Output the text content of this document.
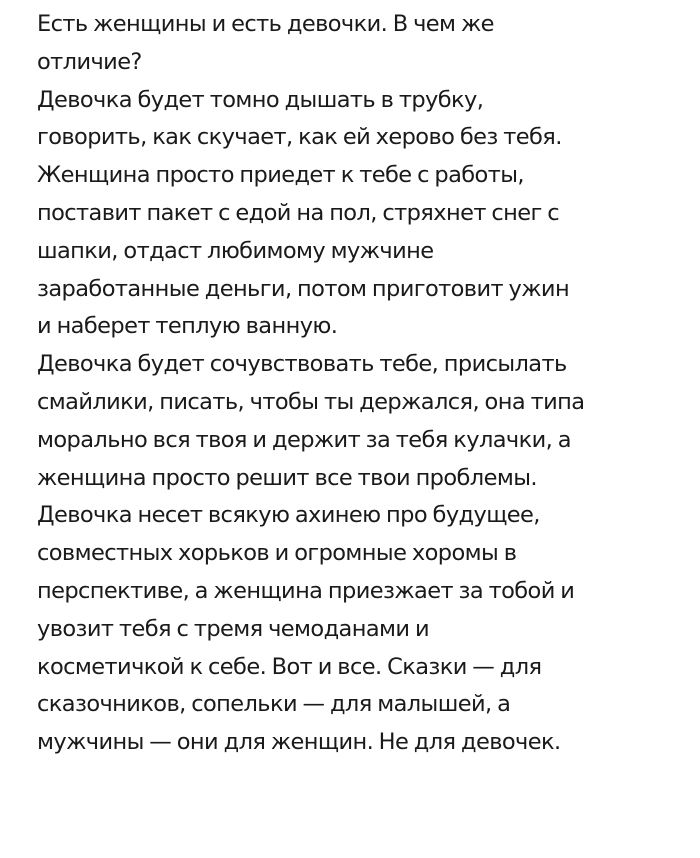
Есть женщины и есть девочки. В чем же
отличие?
Девочка будет томно дышать в трубку,
говорить, как скучает, как ей херово без тебя.
Женщина просто приедет к тебе с работы,
поставит пакет с едой на пол, стряхнет снег с
шапки, отдаст любимому мужчине
заработанные деньги, потом приготовит ужин
и наберет теплую ванную.
Девочка будет сочувствовать тебе, присылать
смайлики, писать, чтобы ты держался, она типа
морально вся твоя и держит за тебя кулачки, а
женщина просто решит все твои проблемы.
Девочка несет всякую ахинею про будущее,
совместных хорьков и огромные хоромы в
перспективе, а женщина приезжает за тобой и
увозит тебя с тремя чемоданами и
косметичкой к себе. Вот и все. Сказки — для
сказочников, сопельки — для малышей, а
мужчины — они для женщин. Не для девочек.
